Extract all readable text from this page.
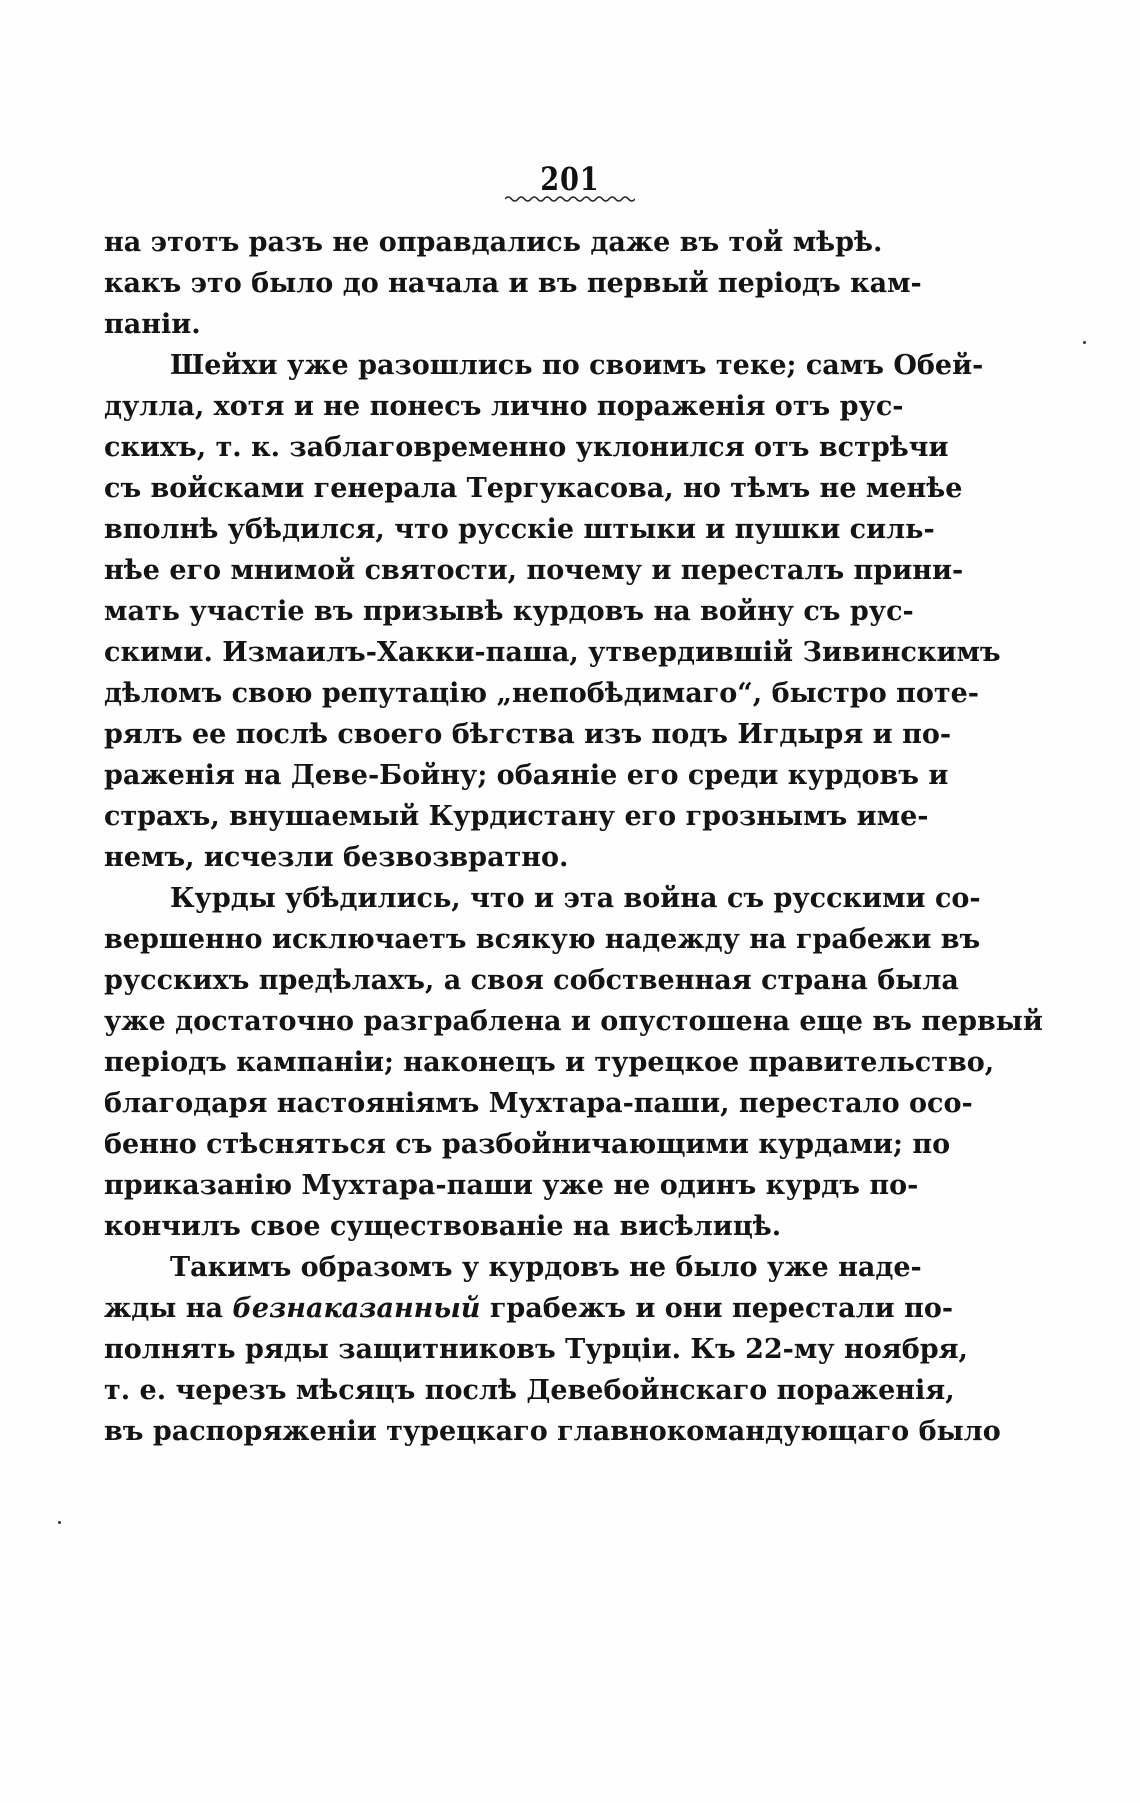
201
на этотъ разъ не оправдались даже въ той мѣрѣ.
какъ это было до начала и въ первый періодъ кам-
паніи.
Шейхи уже разошлись по своимъ теке; самъ Обей-
дулла, хотя и не понесъ лично пораженія отъ рус-
скихъ, т. к. заблаговременно уклонился отъ встрѣчи
съ войсками генерала Тергукасова, но тѣмъ не менѣе
вполнѣ убѣдился, что русскіе штыки и пушки силь-
нѣе его мнимой святости, почему и пересталъ прини-
мать участіе въ призывѣ курдовъ на войну съ рус-
скими. Измаилъ-Хакки-паша, утвердившій Зивинскимъ
дѣломъ свою репутацію „непобѣдимаго“, быстро поте-
рялъ ее послѣ своего бѣгства изъ подъ Игдыря и по-
раженія на Деве-Бойну; обаяніе его среди курдовъ и
страхъ, внушаемый Курдистану его грознымъ име-
немъ, исчезли безвозвратно.
Курды убѣдились, что и эта война съ русскими со-
вершенно исключаетъ всякую надежду на грабежи въ
русскихъ предѣлахъ, а своя собственная страна была
уже достаточно разграблена и опустошена еще въ первый
періодъ кампаніи; наконецъ и турецкое правительство,
благодаря настояніямъ Мухтара-паши, перестало осо-
бенно стѣсняться съ разбойничающими курдами; по
приказанію Мухтара-паши уже не одинъ курдъ по-
кончилъ свое существованіе на висѣлицѣ.
Такимъ образомъ у курдовъ не было уже наде-
жды на безнаказанный грабежъ и они перестали по-
полнять ряды защитниковъ Турціи. Къ 22-му ноября,
т. е. черезъ мѣсяцъ послѣ Девебойнскаго пораженія,
въ распоряженіи турецкаго главнокомандующаго было
